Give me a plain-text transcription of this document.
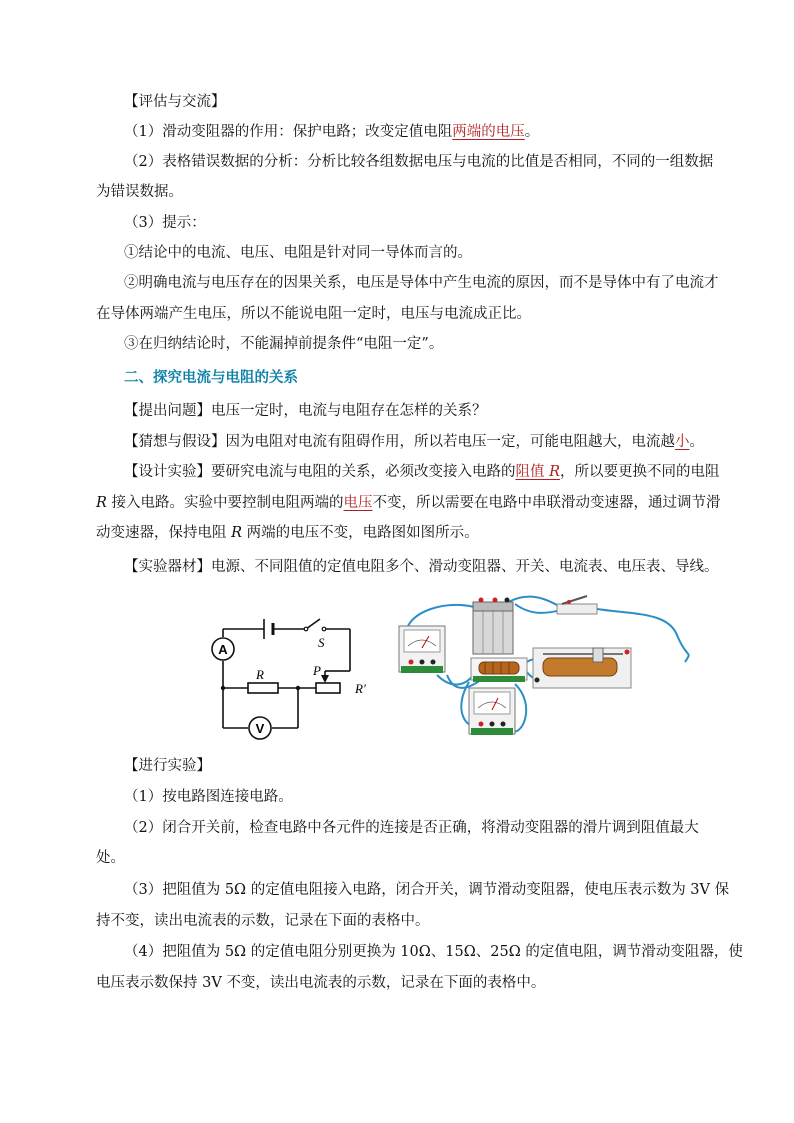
【评估与交流】
（1）滑动变阻器的作用：保护电路；改变定值电阻两端的电压。
（2）表格错误数据的分析：分析比较各组数据电压与电流的比值是否相同，不同的一组数据
为错误数据。
（3）提示：
①结论中的电流、电压、电阻是针对同一导体而言的。
②明确电流与电压存在的因果关系，电压是导体中产生电流的原因，而不是导体中有了电流才
在导体两端产生电压，所以不能说电阻一定时，电压与电流成正比。
③在归纳结论时，不能漏掉前提条件“电阻一定”。
二、探究电流与电阻的关系
【提出问题】电压一定时，电流与电阻存在怎样的关系？
【猜想与假设】因为电阻对电流有阻碍作用，所以若电压一定，可能电阻越大，电流越小。
【设计实验】要研究电流与电阻的关系，必须改变接入电路的阻值 R，所以要更换不同的电阻
R 接入电路。实验中要控制电阻两端的电压不变，所以需要在电路中串联滑动变速器，通过调节滑
动变速器，保持电阻 R 两端的电压不变，电路图如图所示。
【实验器材】电源、不同阻值的定值电阻多个、滑动变阻器、开关、电流表、电压表、导线。
A
V
S
R	P
R′
【进行实验】
（1）按电路图连接电路。
（2）闭合开关前，检查电路中各元件的连接是否正确，将滑动变阻器的滑片调到阻值最大
处。
（3）把阻值为 5Ω 的定值电阻接入电路，闭合开关，调节滑动变阻器，使电压表示数为 3V 保
持不变，读出电流表的示数，记录在下面的表格中。
（4）把阻值为 5Ω 的定值电阻分别更换为 10Ω、15Ω、25Ω 的定值电阻，调节滑动变阻器，使
电压表示数保持 3V 不变，读出电流表的示数，记录在下面的表格中。
